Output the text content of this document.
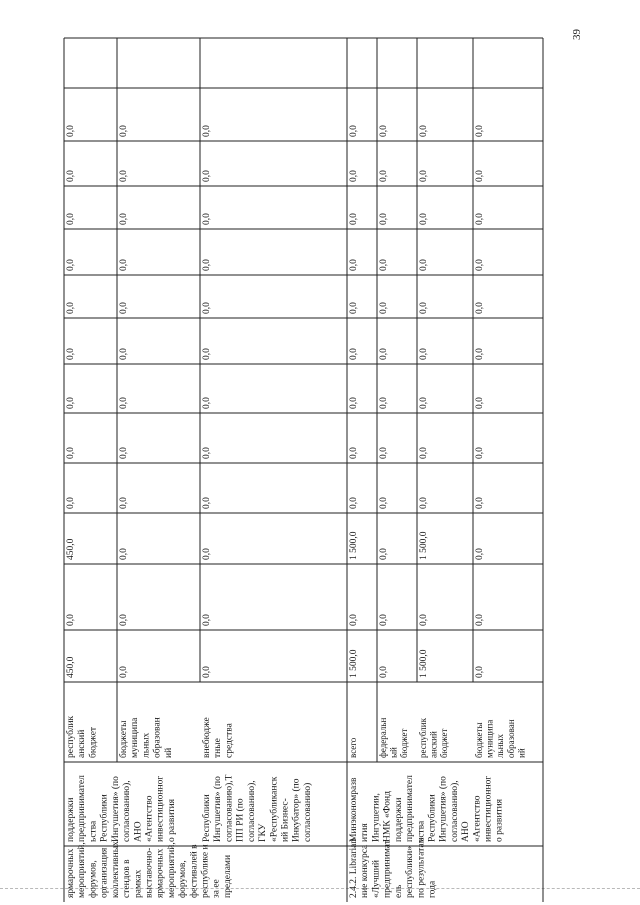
39
ярмарочных мероприятий, форумов, организация коллективных стендов в рамках выставочно- ярмарочных мероприятий, форумов, фестивалей в республике и за ее пределами
поддержки предпринимател ьства Республики Ингушетия» (по согласованию), АНО «Агентство инвестиционног о развития	Республики Ингушетия» (по согласованию),Т ПП РИ (по согласованию), ГКУ «Республиканск ий Бизнес- Инкубатор» (по согласованию)
республик анский бюджет
450,0
0,0
450,0
0,0
0,0
0,0
0,0
0,0
0,0
0,0
0,0
0,0
бюджеты муниципа льных образован ий
0,0
0,0
0,0
0,0
0,0
0,0
0,0
0,0
0,0
0,0
0,0
0,0
внебюдже тные средства
0,0
0,0
0,0
0,0
0,0
0,0
0,0
0,0
0,0
0,0
0,0
0,0
2.4.2. Librarian ние конкурса «Лучший предпринимат ель республики» по результатам года
Минэкономразв ития Ингушетии, НМК «Фонд поддержки предпринимател ьства Республики Ингушетия» (по согласованию), АНО «Агентство инвестиционног о развития
всего
1 500,0
0,0
1 500,0
0,0
0,0
0,0
0,0
0,0
0,0
0,0
0,0
0,0
федеральн ый бюджет
0,0
0,0
0,0
0,0
0,0
0,0
0,0
0,0
0,0
0,0
0,0
0,0
республик анский бюджет
1 500,0
0,0
1 500,0
0,0
0,0
0,0
0,0
0,0
0,0
0,0
0,0
0,0
бюджеты муниципа льных образован ий
0,0
0,0
0,0
0,0
0,0
0,0
0,0
0,0
0,0
0,0
0,0
0,0
